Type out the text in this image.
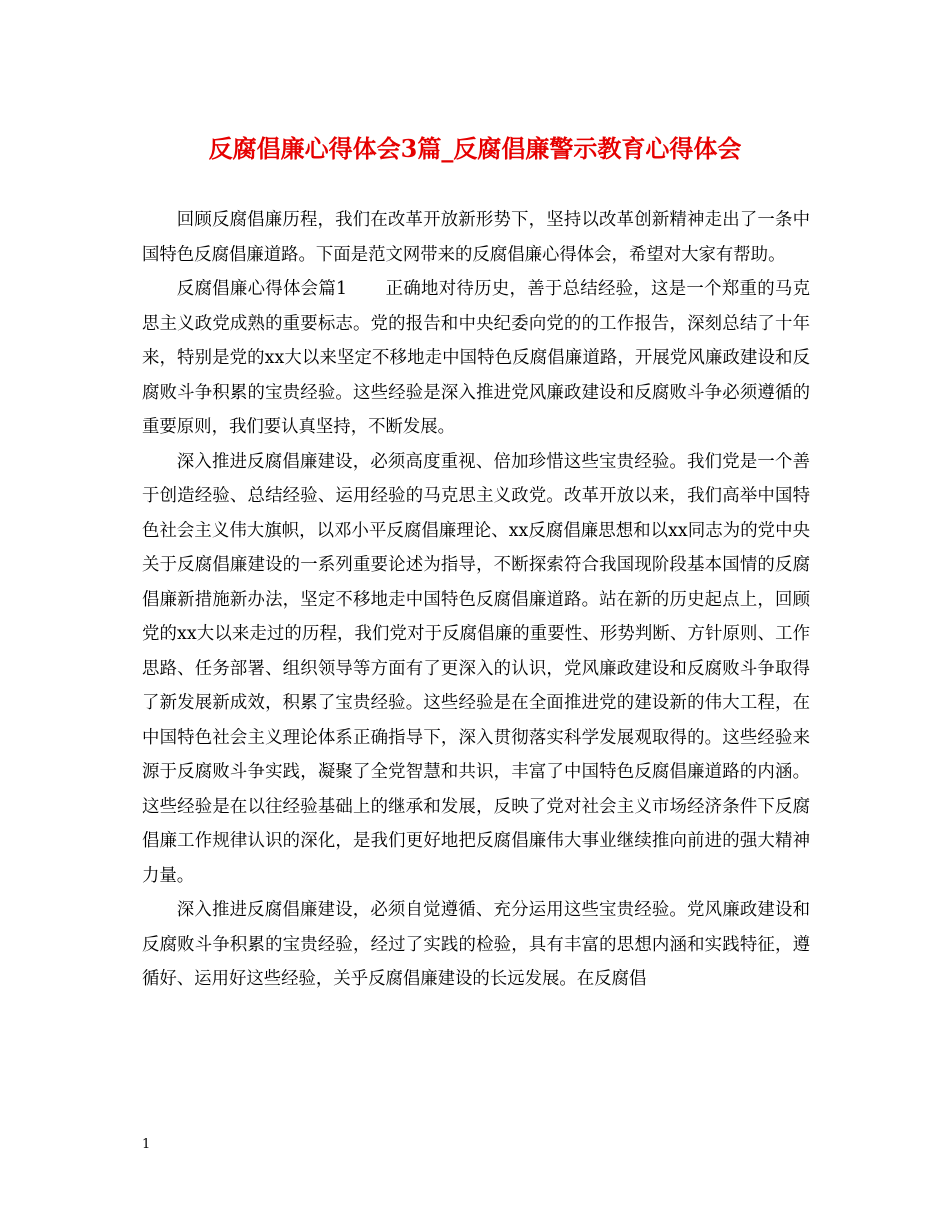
反腐倡廉心得体会3篇_反腐倡廉警示教育心得体会

回顾反腐倡廉历程，我们在改革开放新形势下，坚持以改革创新精神走出了一条中国特色反腐倡廉道路。下面是范文网带来的反腐倡廉心得体会，希望对大家有帮助。

反腐倡廉心得体会篇1 正确地对待历史，善于总结经验，这是一个郑重的马克思主义政党成熟的重要标志。党的报告和中央纪委向党的的工作报告，深刻总结了十年来，特别是党的xx大以来坚定不移地走中国特色反腐倡廉道路，开展党风廉政建设和反腐败斗争积累的宝贵经验。这些经验是深入推进党风廉政建设和反腐败斗争必须遵循的重要原则，我们要认真坚持，不断发展。

深入推进反腐倡廉建设，必须高度重视、倍加珍惜这些宝贵经验。我们党是一个善于创造经验、总结经验、运用经验的马克思主义政党。改革开放以来，我们高举中国特色社会主义伟大旗帜，以邓小平反腐倡廉理论、xx反腐倡廉思想和以xx同志为的党中央关于反腐倡廉建设的一系列重要论述为指导，不断探索符合我国现阶段基本国情的反腐倡廉新措施新办法，坚定不移地走中国特色反腐倡廉道路。站在新的历史起点上，回顾党的xx大以来走过的历程，我们党对于反腐倡廉的重要性、形势判断、方针原则、工作思路、任务部署、组织领导等方面有了更深入的认识，党风廉政建设和反腐败斗争取得了新发展新成效，积累了宝贵经验。这些经验是在全面推进党的建设新的伟大工程，在中国特色社会主义理论体系正确指导下，深入贯彻落实科学发展观取得的。这些经验来源于反腐败斗争实践，凝聚了全党智慧和共识，丰富了中国特色反腐倡廉道路的内涵。这些经验是在以往经验基础上的继承和发展，反映了党对社会主义市场经济条件下反腐倡廉工作规律认识的深化，是我们更好地把反腐倡廉伟大事业继续推向前进的强大精神力量。

深入推进反腐倡廉建设，必须自觉遵循、充分运用这些宝贵经验。党风廉政建设和反腐败斗争积累的宝贵经验，经过了实践的检验，具有丰富的思想内涵和实践特征，遵循好、运用好这些经验，关乎反腐倡廉建设的长远发展。在反腐倡

1
